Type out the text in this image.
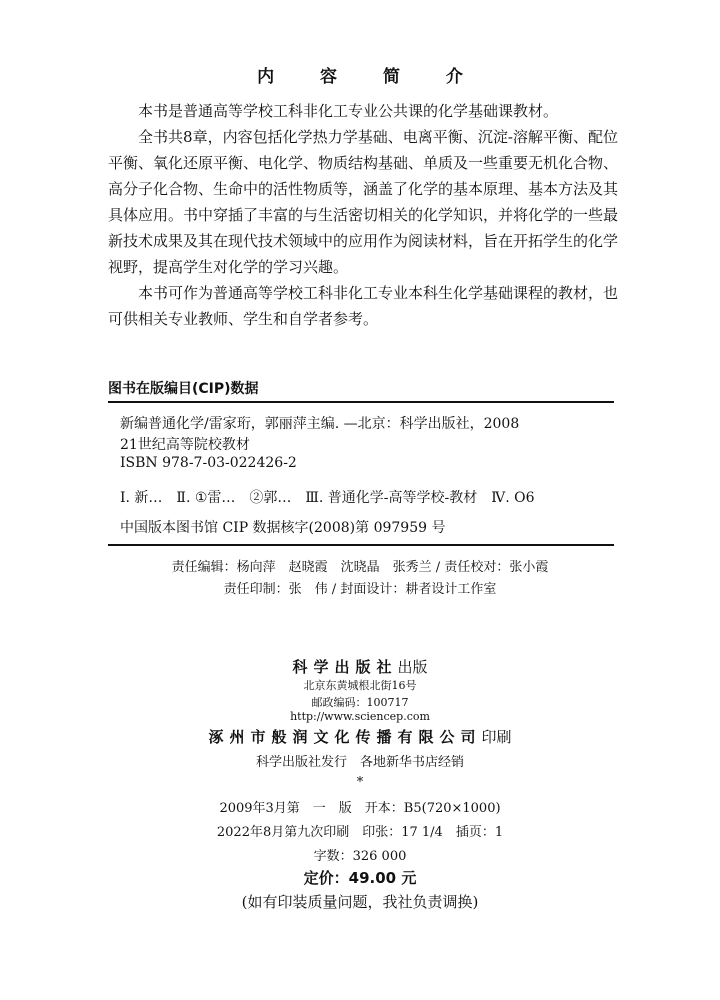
内 容 简 介

本书是普通高等学校工科非化工专业公共课的化学基础课教材。

全书共8章，内容包括化学热力学基础、电离平衡、沉淀-溶解平衡、配位平衡、氧化还原平衡、电化学、物质结构基础、单质及一些重要无机化合物、高分子化合物、生命中的活性物质等，涵盖了化学的基本原理、基本方法及其具体应用。书中穿插了丰富的与生活密切相关的化学知识，并将化学的一些最新技术成果及其在现代技术领域中的应用作为阅读材料，旨在开拓学生的化学视野，提高学生对化学的学习兴趣。

本书可作为普通高等学校工科非化工专业本科生化学基础课程的教材，也可供相关专业教师、学生和自学者参考。

图书在版编目(CIP)数据
新编普通化学/雷家珩，郭丽萍主编. —北京：科学出版社，2008
21世纪高等院校教材
ISBN 978-7-03-022426-2
Ⅰ. 新…　Ⅱ. ①雷…　②郭…　Ⅲ. 普通化学-高等学校-教材　Ⅳ. O6
中国版本图书馆 CIP 数据核字(2008)第 097959 号
责任编辑：杨向萍　赵晓霞　沈晓晶　张秀兰 / 责任校对：张小霞
责任印制：张　伟 / 封面设计：耕者设计工作室
科学出版社出版
北京东黄城根北街16号
邮政编码：100717
http://www.sciencep.com
涿州市般润文化传播有限公司印刷
科学出版社发行　各地新华书店经销
*
2009年3月第　一　版　开本：B5(720×1000)
2022年8月第九次印刷　印张：17 1/4　插页：1
字数：326 000
定价：49.00 元
(如有印装质量问题，我社负责调换)
